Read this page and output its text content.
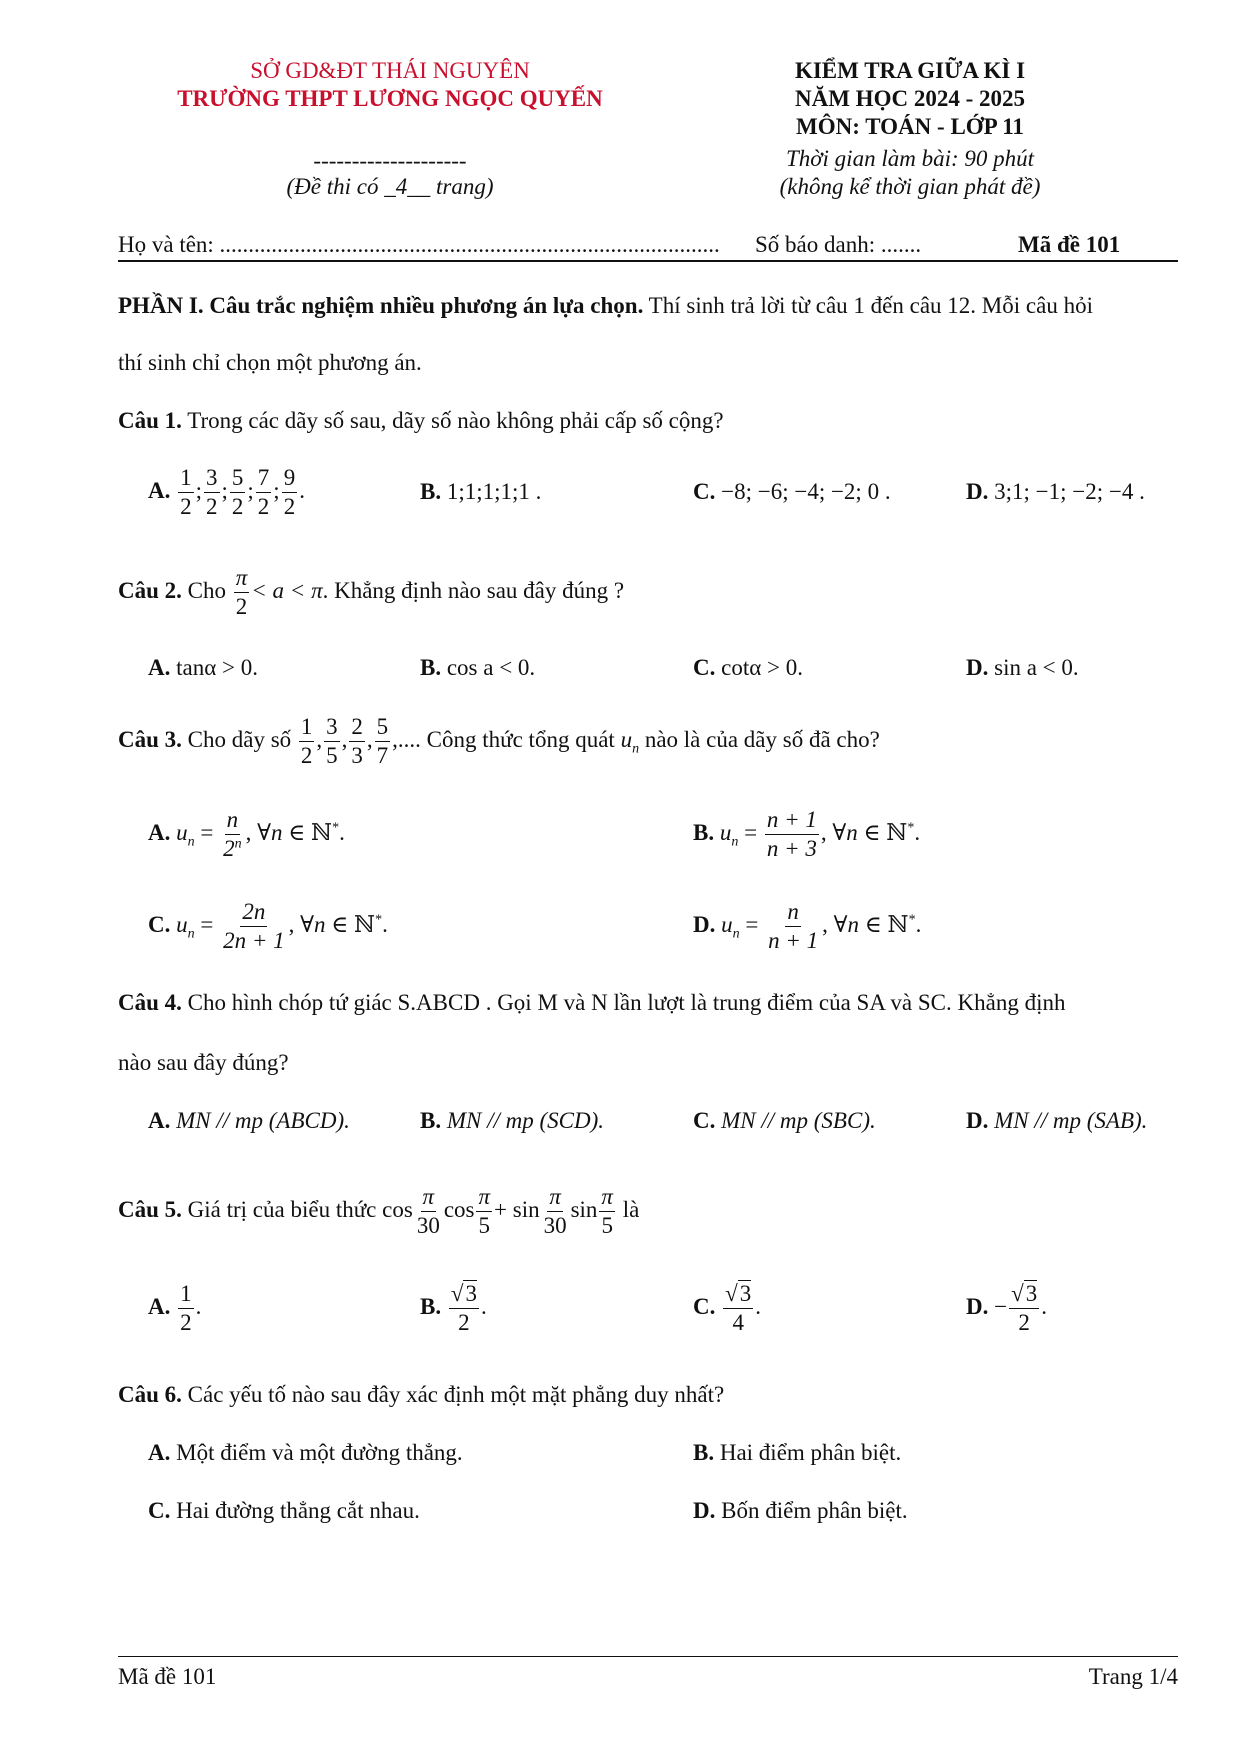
SỞ GD&ĐT THÁI NGUYÊN
TRƯỜNG THPT LƯƠNG NGỌC QUYẾN
--------------------
(Đề thi có _4__ trang)
KIỂM TRA GIỮA KÌ I
NĂM HỌC 2024 - 2025
MÔN: TOÁN - LỚP 11
Thời gian làm bài: 90 phút
(không kể thời gian phát đề)
Họ và tên: ....................................................................................... Số báo danh: .......	Mã đề 101
PHẦN I. Câu trắc nghiệm nhiều phương án lựa chọn. Thí sinh trả lời từ câu 1 đến câu 12. Mỗi câu hỏi
thí sinh chỉ chọn một phương án.
Câu 1. Trong các dãy số sau, dãy số nào không phải cấp số cộng?
A. $\frac{1}{2}$ ; $\frac{3}{2}$ ; $\frac{5}{2}$ ; $\frac{7}{2}$ ; $\frac{9}{2}$ .	B. 1;1;1;1;1 .	C. −8; −6; −4; −2; 0 .	D. 3;1; −1; −2; −4 .
Câu 2. Cho $\frac{\pi}{2} < a < \pi$. Khẳng định nào sau đây đúng ?
A. tanα > 0.	B. cos a < 0.	C. cotα > 0.	D. sin a < 0.
Câu 3. Cho dãy số $\frac{1}{2}$ , $\frac{3}{5}$ , $\frac{2}{3}$ , $\frac{5}{7}$ ,.... Công thức tổng quát $u_n$ nào là của dãy số đã cho?
A. $u_n = \frac{n}{2^n}$ , ∀n ∈ ℕ*.	B. $u_n = \frac{n + 1}{n + 3}$ , ∀n ∈ ℕ*.
C. $u_n = \frac{2n}{2n + 1}$ , ∀n ∈ ℕ*.	D. $u_n = \frac{n}{n + 1}$ , ∀n ∈ ℕ*.
Câu 4. Cho hình chóp tứ giác S.ABCD . Gọi M và N lần lượt là trung điểm của SA và SC. Khẳng định
nào sau đây đúng?
A. MN // mp (ABCD).	B. MN // mp (SCD).	C. MN // mp (SBC).	D. MN // mp (SAB).
Câu 5. Giá trị của biểu thức $\cos \frac{\pi}{30}$ $\cos \frac{\pi}{5} + \sin \frac{\pi}{30}$ $\sin \frac{\pi}{5}$ là
A. $\frac{1}{2}$ .	B. $\frac{√3}{2}$ .	C. $\frac{√3}{4}$ .	D. − $\frac{√3}{2}$ .
Câu 6. Các yếu tố nào sau đây xác định một mặt phẳng duy nhất?
A. Một điểm và một đường thẳng.	B. Hai điểm phân biệt.
C. Hai đường thẳng cắt nhau.	D. Bốn điểm phân biệt.
Mã đề 101	Trang 1/4
